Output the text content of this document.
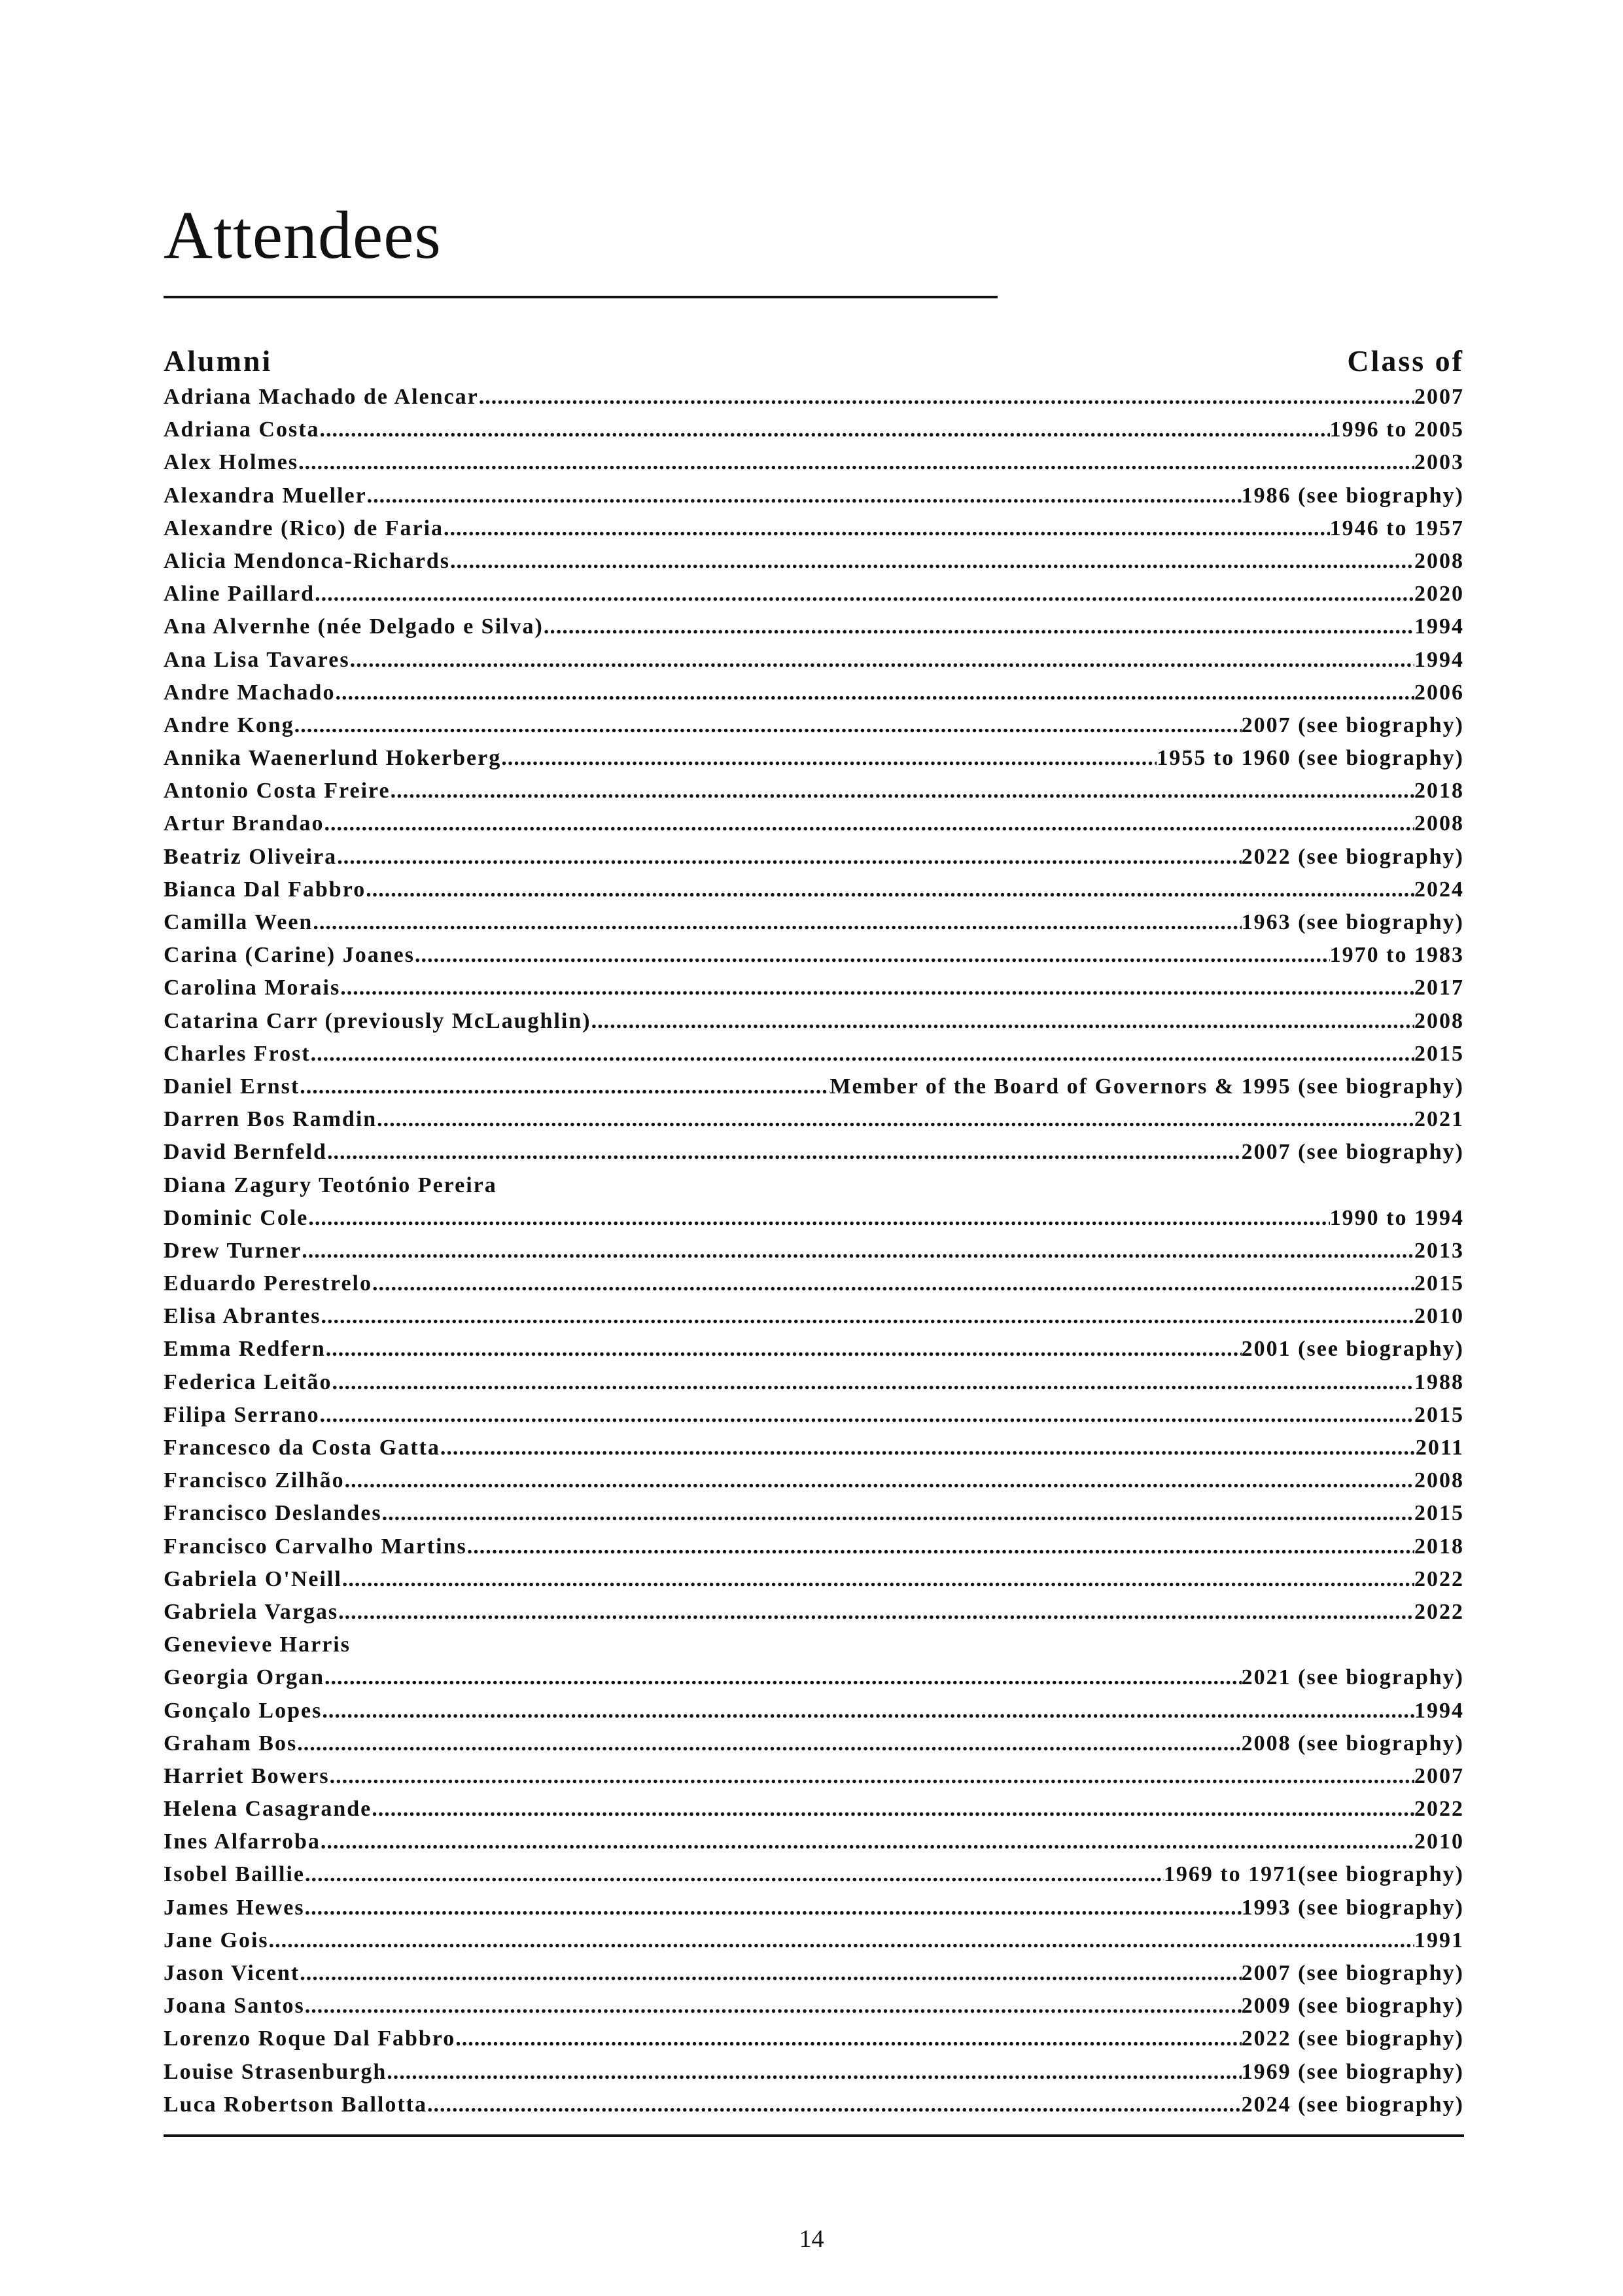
Attendees
Alumni	Class of
Adriana Machado de Alencar .....	2007
Adriana Costa .....	1996 to 2005
Alex Holmes .....	2003
Alexandra Mueller .....	1986 (see biography)
Alexandre (Rico) de Faria .....	1946 to 1957
Alicia Mendonca-Richards .....	2008
Aline Paillard .....	2020
Ana Alvernhe (née Delgado e Silva) .....	1994
Ana Lisa Tavares .....	1994
Andre Machado .....	2006
Andre Kong .....	2007 (see biography)
Annika Waenerlund Hokerberg .....	1955 to 1960 (see biography)
Antonio Costa Freire .....	2018
Artur Brandao .....	2008
Beatriz Oliveira .....	2022 (see biography)
Bianca Dal Fabbro .....	2024
Camilla Ween .....	1963 (see biography)
Carina (Carine) Joanes .....	1970 to 1983
Carolina Morais .....	2017
Catarina Carr (previously McLaughlin) .....	2008
Charles Frost .....	2015
Daniel Ernst .....	Member of the Board of Governors & 1995 (see biography)
Darren Bos Ramdin .....	2021
David Bernfeld .....	2007 (see biography)
Diana Zagury Teotónio Pereira
Dominic Cole .....	1990 to 1994
Drew Turner .....	2013
Eduardo Perestrelo .....	2015
Elisa Abrantes .....	2010
Emma Redfern .....	2001 (see biography)
Federica Leitão .....	1988
Filipa Serrano .....	2015
Francesco da Costa Gatta .....	2011
Francisco Zilhão .....	2008
Francisco Deslandes .....	2015
Francisco Carvalho Martins .....	2018
Gabriela O'Neill .....	2022
Gabriela Vargas .....	2022
Genevieve Harris
Georgia Organ .....	2021 (see biography)
Gonçalo Lopes .....	1994
Graham Bos .....	2008 (see biography)
Harriet Bowers .....	2007
Helena Casagrande .....	2022
Ines Alfarroba .....	2010
Isobel Baillie .....	1969 to 1971(see biography)
James Hewes .....	1993 (see biography)
Jane Gois .....	1991
Jason Vicent .....	2007 (see biography)
Joana Santos .....	2009 (see biography)
Lorenzo Roque Dal Fabbro .....	2022 (see biography)
Louise Strasenburgh .....	1969 (see biography)
Luca Robertson Ballotta .....	2024 (see biography)
14
